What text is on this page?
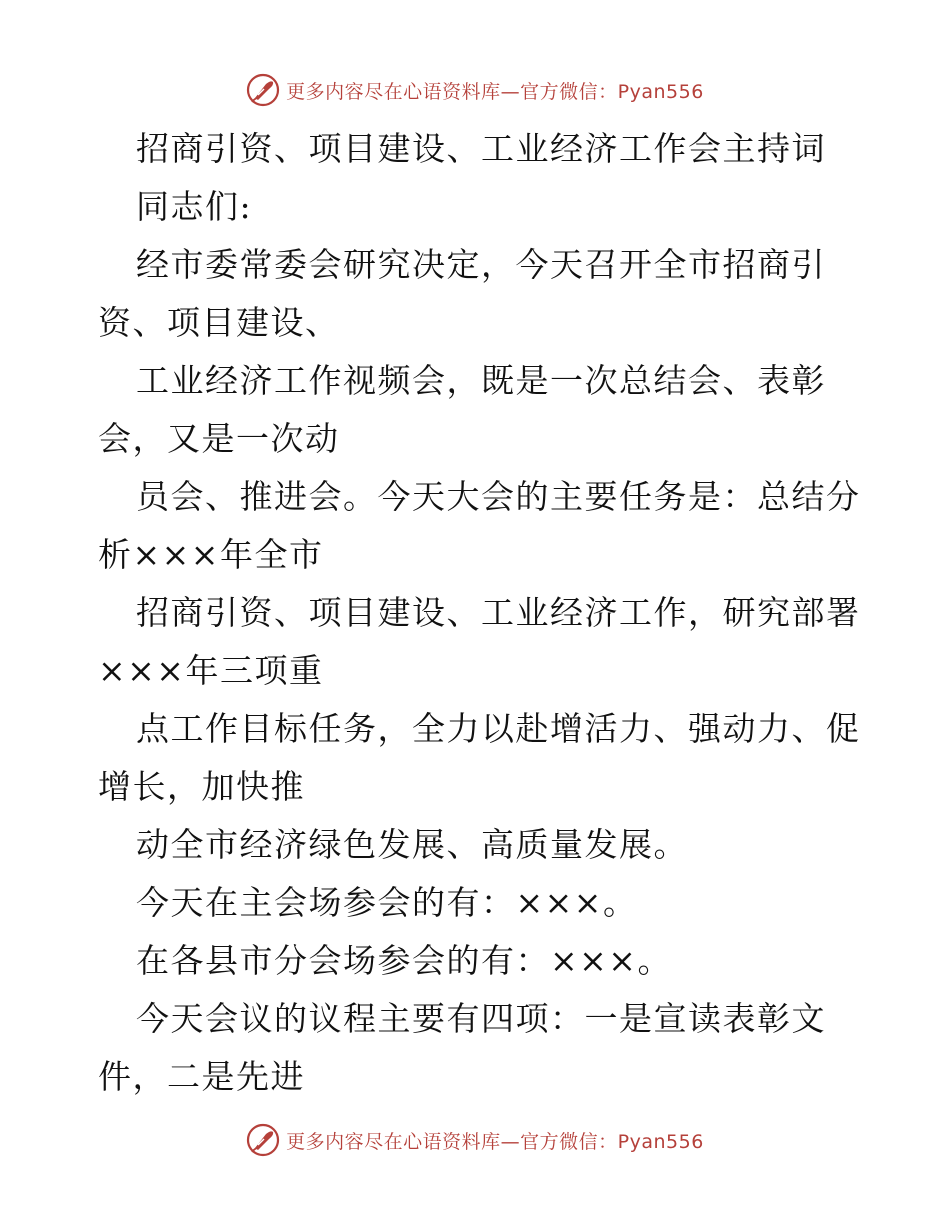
更多内容尽在心语资料库—官方微信：Pyan556
招商引资、项目建设、工业经济工作会主持词
同志们:
经市委常委会研究决定，今天召开全市招商引
资、项目建设、
工业经济工作视频会，既是一次总结会、表彰
会，又是一次动
员会、推进会。今天大会的主要任务是：总结分
析×××年全市
招商引资、项目建设、工业经济工作，研究部署
×××年三项重
点工作目标任务，全力以赴增活力、强动力、促
增长，加快推
动全市经济绿色发展、高质量发展。
今天在主会场参会的有：×××。
在各县市分会场参会的有：×××。
今天会议的议程主要有四项：一是宣读表彰文
件，二是先进
更多内容尽在心语资料库—官方微信：Pyan556
